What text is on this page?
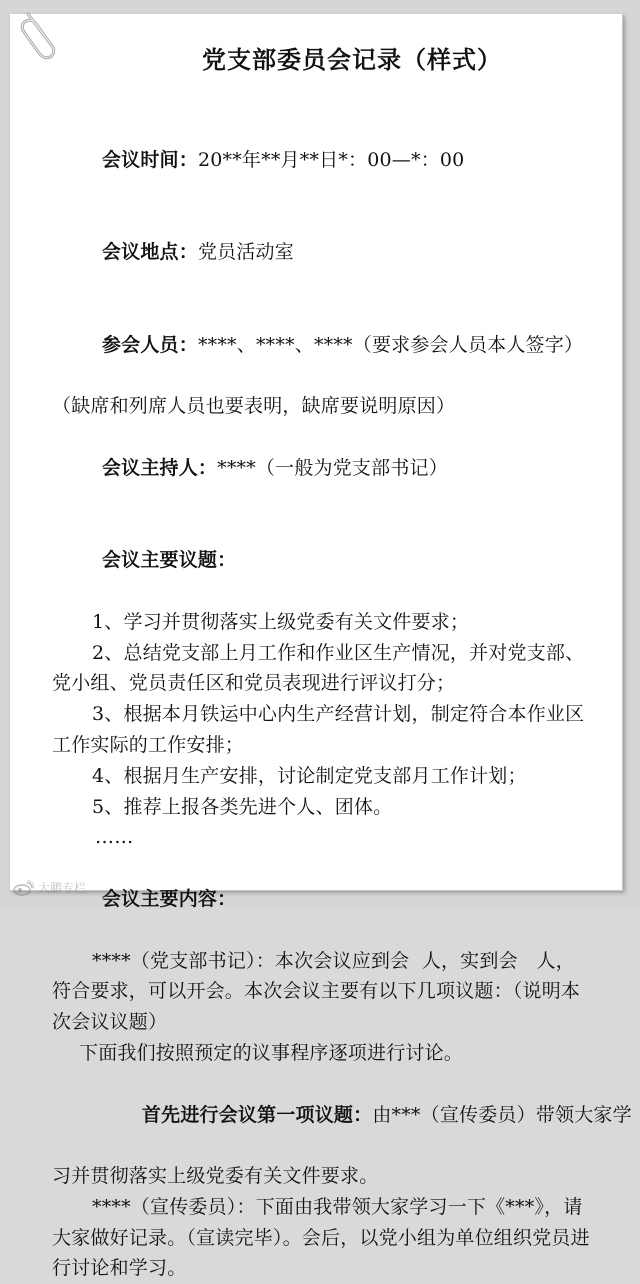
党支部委员会记录（样式）

会议时间：20**年**月**日*：00—*：00

会议地点：党员活动室

参会人员：****、****、****（要求参会人员本人签字）

（缺席和列席人员也要表明，缺席要说明原因）

会议主持人：****（一般为党支部书记）

会议主要议题：

1、学习并贯彻落实上级党委有关文件要求；
2、总结党支部上月工作和作业区生产情况，并对党支部、
党小组、党员责任区和党员表现进行评议打分；
3、根据本月铁运中心内生产经营计划，制定符合本作业区
工作实际的工作安排；
4、根据月生产安排，讨论制定党支部月工作计划；
5、推荐上报各类先进个人、团体。
……

会议主要内容：

****（党支部书记）：本次会议应到会  人，实到会   人，
符合要求，可以开会。本次会议主要有以下几项议题：（说明本
次会议议题）
下面我们按照预定的议事程序逐项进行讨论。

首先进行会议第一项议题：由***（宣传委员）带领大家学

习并贯彻落实上级党委有关文件要求。
****（宣传委员）：下面由我带领大家学习一下《***》，请
大家做好记录。（宣读完毕）。会后，以党小组为单位组织党员进
行讨论和学习。
大鹏专栏
